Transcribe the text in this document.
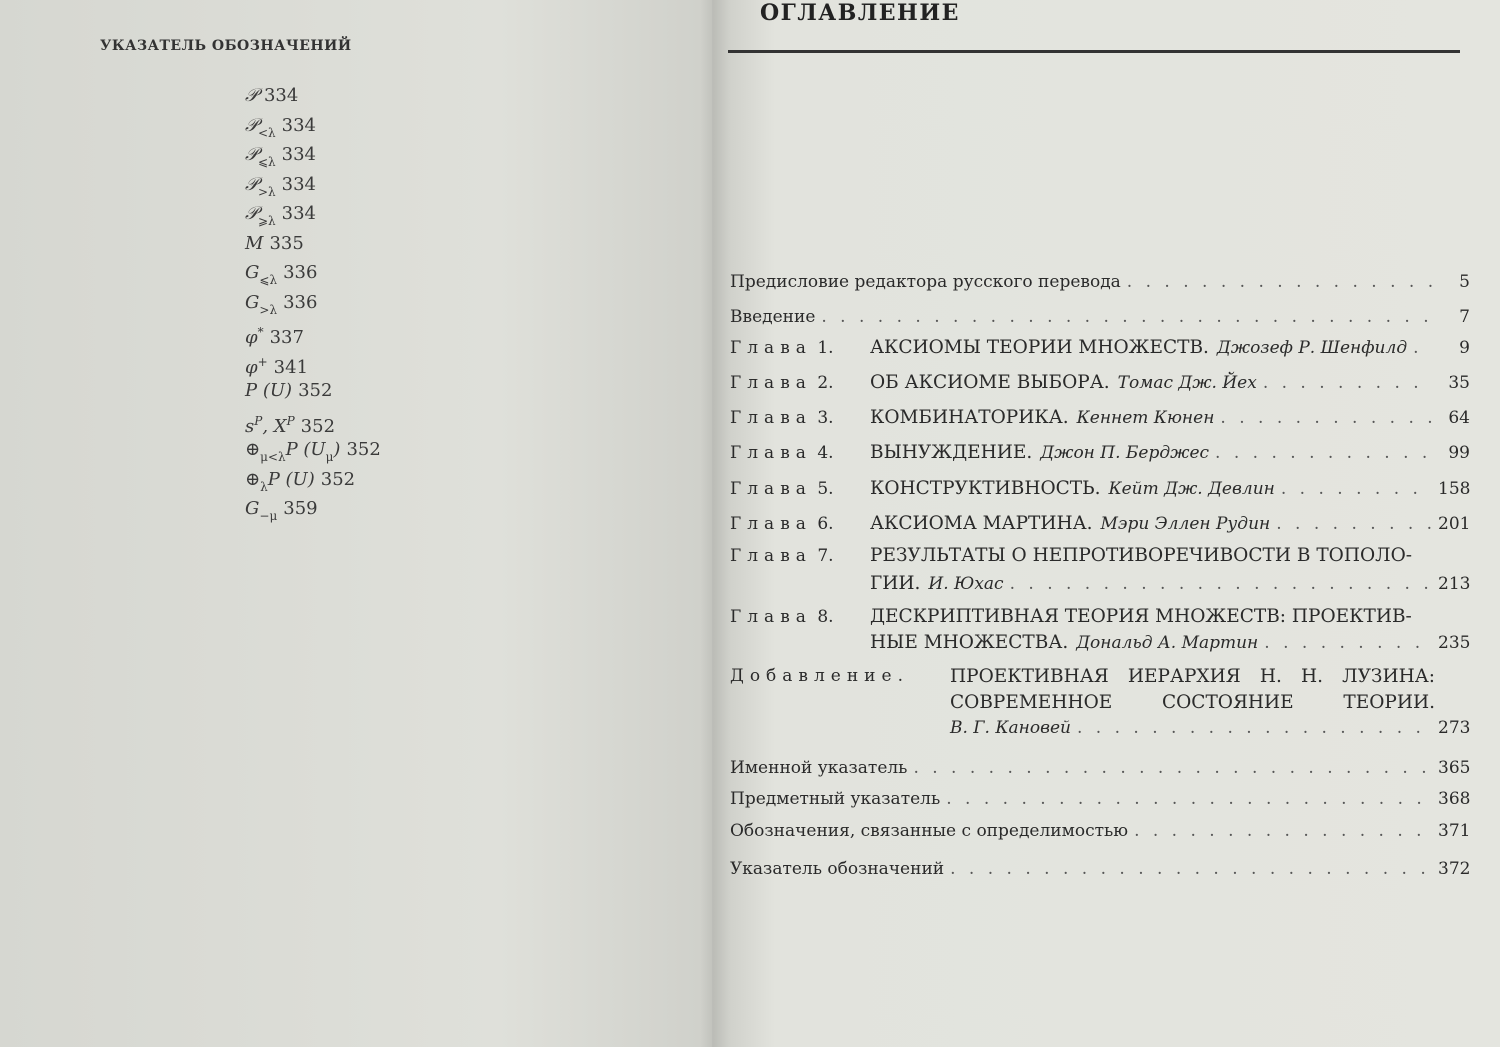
УКАЗАТЕЛЬ ОБОЗНАЧЕНИЙ
𝒫 334
𝒫$_{<\lambda}$ 334
𝒫$_{⩽\lambda}$ 334
𝒫$_{>\lambda}$ 334
𝒫$_{⩾\lambda}$ 334
M 335
$G_{⩽\lambda}$ 336
$G_{>\lambda}$ 336
φ* 337
φ+ 341
P (U) 352
$s^P$, $X^P$ 352
$\oplus_{\mu<\lambda}P$ $(U_\mu)$ 352
$\oplus_\lambda P$ (U) 352
$G_{-\mu}$ 359
ОГЛАВЛЕНИЕ
Предисловие редактора русского перевода . . .	5
Введение . . .	7
Глава 1. АКСИОМЫ ТЕОРИИ МНОЖЕСТВ. Джозеф Р. Шенфилд . . .	9
Глава 2. ОБ АКСИОМЕ ВЫБОРА. Томас Дж. Йех . . .	35
Глава 3. КОМБИНАТОРИКА. Кеннет Кюнен . . .	64
Глава 4. ВЫНУЖДЕНИЕ. Джон П. Берджес . . .	99
Глава 5. КОНСТРУКТИВНОСТЬ. Кейт Дж. Девлин . . .	158
Глава 6. АКСИОМА МАРТИНА. Мэри Эллен Рудин . . .	201
Глава 7. РЕЗУЛЬТАТЫ О НЕПРОТИВОРЕЧИВОСТИ В ТОПОЛО-
ГИИ. И. Юхас . . .	213
Глава 8. ДЕСКРИПТИВНАЯ ТЕОРИЯ МНОЖЕСТВ: ПРОЕКТИВ-
НЫЕ МНОЖЕСТВА. Дональд А. Мартин . . .	235
Добавление.	ПРОЕКТИВНАЯ ИЕРАРХИЯ Н. Н. ЛУЗИНА:
СОВРЕМЕННОЕ	СОСТОЯНИЕ	ТЕОРИИ.
В. Г. Кановей . . .	273
Именной указатель . . .	365
Предметный указатель . . .	368
Обозначения, связанные с определимостью . . .	371
Указатель обозначений . . .	372
